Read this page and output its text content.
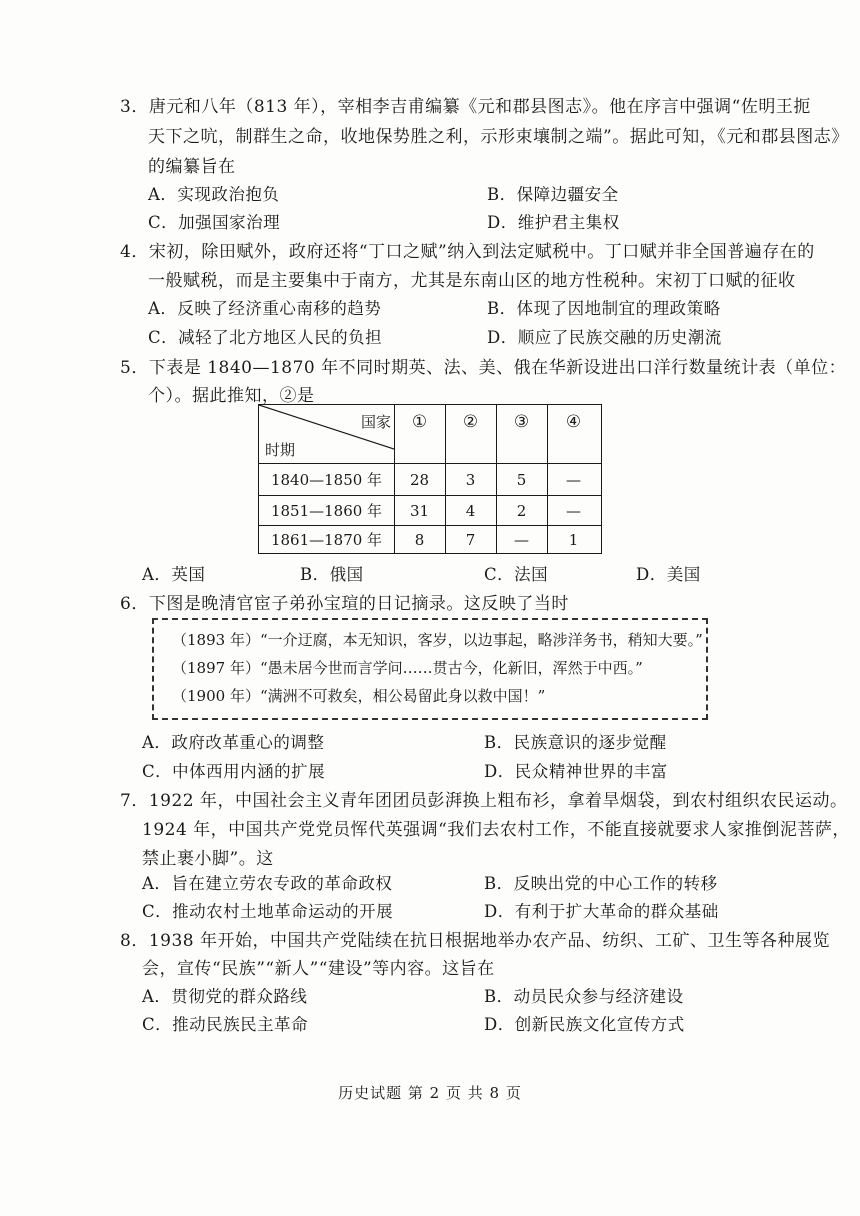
3．唐元和八年（813 年），宰相李吉甫编纂《元和郡县图志》。他在序言中强调“佐明王扼
天下之吭，制群生之命，收地保势胜之利，示形束壤制之端”。据此可知，《元和郡县图志》
的编纂旨在
A．实现政治抱负	B．保障边疆安全
C．加强国家治理	D．维护君主集权
4．宋初，除田赋外，政府还将“丁口之赋”纳入到法定赋税中。丁口赋并非全国普遍存在的
一般赋税，而是主要集中于南方，尤其是东南山区的地方性税种。宋初丁口赋的征收
A．反映了经济重心南移的趋势	B．体现了因地制宜的理政策略
C．减轻了北方地区人民的负担	D．顺应了民族交融的历史潮流
5．下表是 1840—1870 年不同时期英、法、美、俄在华新设进出口洋行数量统计表（单位：
个）。据此推知，②是
国家
时期
①	②	③	④
1840—1850 年	28	3	5	—
1851—1860 年	31	4	2	—
1861—1870 年	8	7	—	1
A．英国	B．俄国	C．法国	D．美国
6．下图是晚清官宦子弟孙宝瑄的日记摘录。这反映了当时
（1893 年）“一介迂腐，本无知识，客岁，以边事起，略涉洋务书，稍知大要。”
（1897 年）“愚未居今世而言学问……贯古今，化新旧，浑然于中西。”
（1900 年）“满洲不可救矣，相公曷留此身以救中国！”
A．政府改革重心的调整	B．民族意识的逐步觉醒
C．中体西用内涵的扩展	D．民众精神世界的丰富
7．1922 年，中国社会主义青年团团员彭湃换上粗布衫，拿着旱烟袋，到农村组织农民运动。
1924 年，中国共产党党员恽代英强调“我们去农村工作，不能直接就要求人家推倒泥菩萨，
禁止裹小脚”。这
A．旨在建立劳农专政的革命政权	B．反映出党的中心工作的转移
C．推动农村土地革命运动的开展	D．有利于扩大革命的群众基础
8．1938 年开始，中国共产党陆续在抗日根据地举办农产品、纺织、工矿、卫生等各种展览
会，宣传“民族”“新人”“建设”等内容。这旨在
A．贯彻党的群众路线	B．动员民众参与经济建设
C．推动民族民主革命	D．创新民族文化宣传方式
历史试题 第 2 页 共 8 页
